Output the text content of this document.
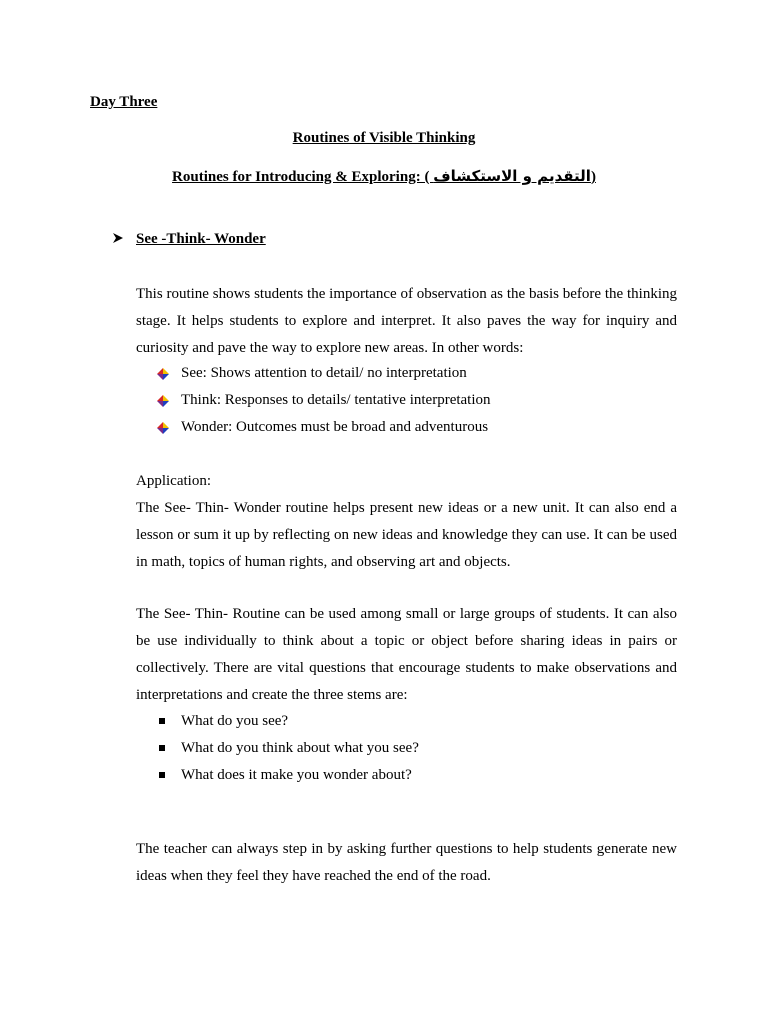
Day Three

Routines of Visible Thinking

Routines for Introducing & Exploring: ( التقديم و الاستكشاف)

See -Think- Wonder

This routine shows students the importance of observation as the basis before the thinking stage. It helps students to explore and interpret. It also paves the way for inquiry and curiosity and pave the way to explore new areas. In other words:

See: Shows attention to detail/ no interpretation
Think: Responses to details/ tentative interpretation
Wonder: Outcomes must be broad and adventurous

Application:

The See- Thin- Wonder routine helps present new ideas or a new unit. It can also end a lesson or sum it up by reflecting on new ideas and knowledge they can use. It can be used in math, topics of human rights, and observing art and objects.

The See- Thin- Routine can be used among small or large groups of students. It can also be use individually to think about a topic or object before sharing ideas in pairs or collectively. There are vital questions that encourage students to make observations and interpretations and create the three stems are:

What do you see?
What do you think about what you see?
What does it make you wonder about?

The teacher can always step in by asking further questions to help students generate new ideas when they feel they have reached the end of the road.
